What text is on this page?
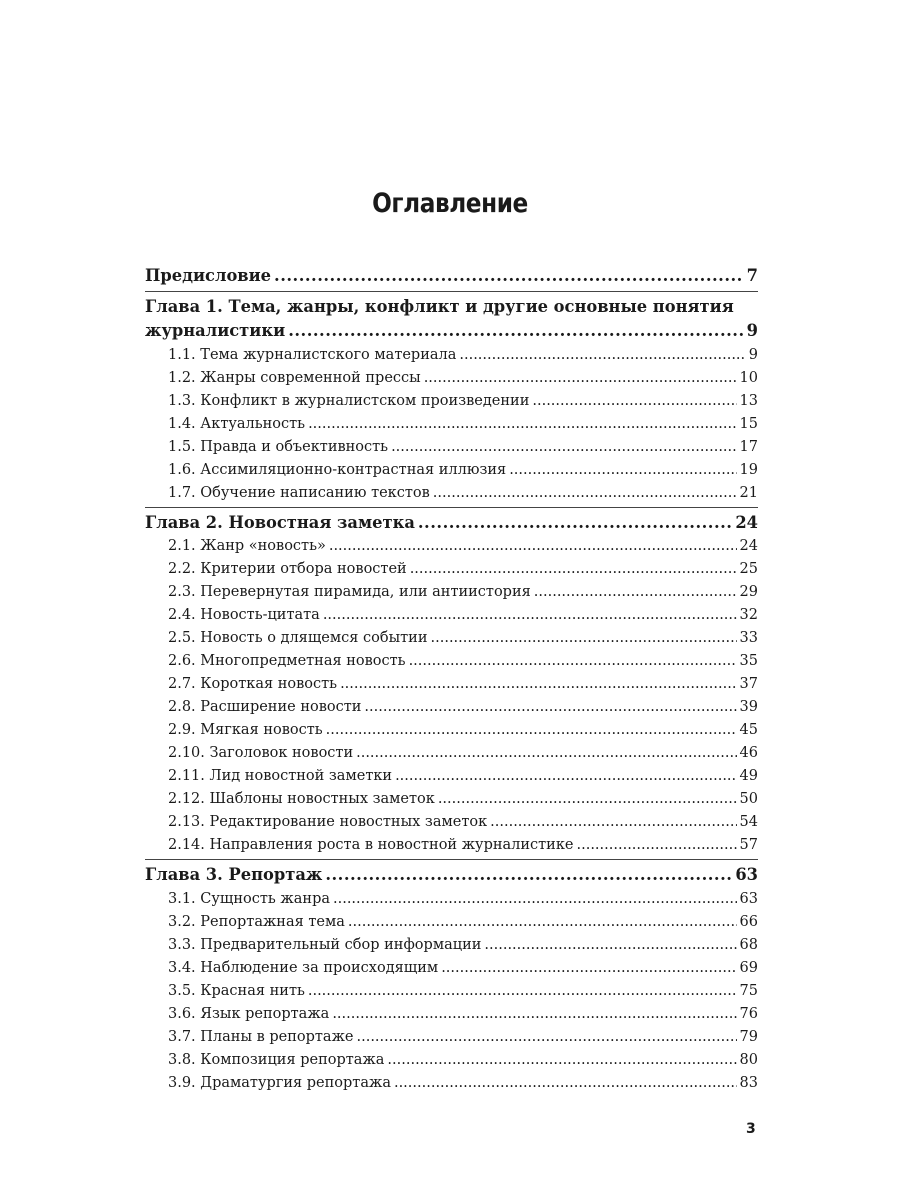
Оглавление
Предисловие .....	7
Глава 1. Тема, жанры, конфликт и другие основные понятия
журналистики .....	9
1.1. Тема журналистского материала .....	9
1.2. Жанры современной прессы .....	10
1.3. Конфликт в журналистском произведении .....	13
1.4. Актуальность .....	15
1.5. Правда и объективность .....	17
1.6. Ассимиляционно-контрастная иллюзия .....	19
1.7. Обучение написанию текстов .....	21
Глава 2. Новостная заметка .....	24
2.1. Жанр «новость» .....	24
2.2. Критерии отбора новостей .....	25
2.3. Перевернутая пирамида, или антиистория .....	29
2.4. Новость-цитата .....	32
2.5. Новость о длящемся событии .....	33
2.6. Многопредметная новость .....	35
2.7. Короткая новость .....	37
2.8. Расширение новости .....	39
2.9. Мягкая новость .....	45
2.10. Заголовок новости .....	46
2.11. Лид новостной заметки .....	49
2.12. Шаблоны новостных заметок .....	50
2.13. Редактирование новостных заметок .....	54
2.14. Направления роста в новостной журналистике .....	57
Глава 3. Репортаж .....	63
3.1. Сущность жанра .....	63
3.2. Репортажная тема .....	66
3.3. Предварительный сбор информации .....	68
3.4. Наблюдение за происходящим .....	69
3.5. Красная нить .....	75
3.6. Язык репортажа .....	76
3.7. Планы в репортаже .....	79
3.8. Композиция репортажа .....	80
3.9. Драматургия репортажа .....	83
3
